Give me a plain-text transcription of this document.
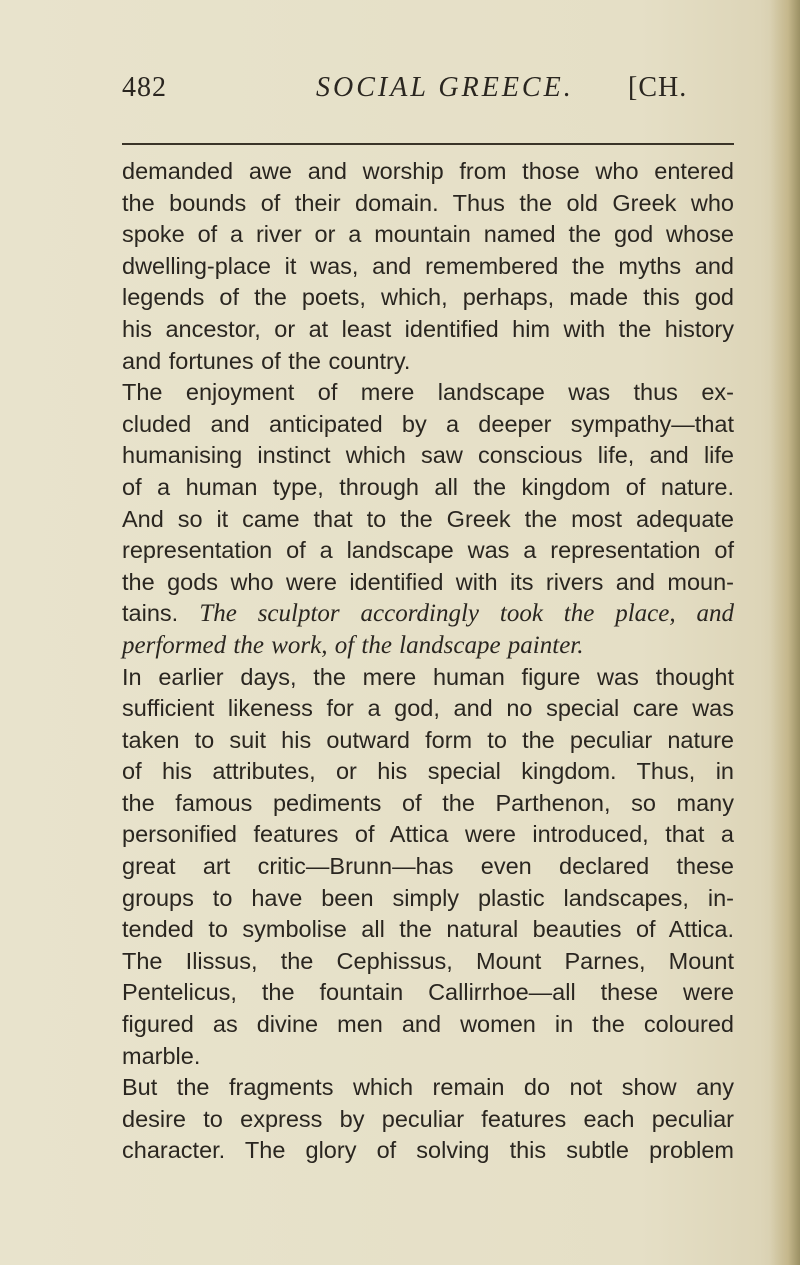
482	SOCIAL GREECE. [CH.
demanded awe and worship from those who entered
the bounds of their domain. Thus the old Greek who
spoke of a river or a mountain named the god whose
dwelling-place it was, and remembered the myths and
legends of the poets, which, perhaps, made this god
his ancestor, or at least identified him with the history
and fortunes of the country.
The enjoyment of mere landscape was thus ex-
cluded and anticipated by a deeper sympathy—that
humanising instinct which saw conscious life, and life
of a human type, through all the kingdom of nature.
And so it came that to the Greek the most adequate
representation of a landscape was a representation of
the gods who were identified with its rivers and moun-
tains. The sculptor accordingly took the place, and
performed the work, of the landscape painter.
In earlier days, the mere human figure was thought
sufficient likeness for a god, and no special care was
taken to suit his outward form to the peculiar nature
of his attributes, or his special kingdom. Thus, in
the famous pediments of the Parthenon, so many
personified features of Attica were introduced, that a
great art critic—Brunn—has even declared these
groups to have been simply plastic landscapes, in-
tended to symbolise all the natural beauties of Attica.
The Ilissus, the Cephissus, Mount Parnes, Mount
Pentelicus, the fountain Callirrhoe—all these were
figured as divine men and women in the coloured
marble.
But the fragments which remain do not show any
desire to express by peculiar features each peculiar
character. The glory of solving this subtle problem
